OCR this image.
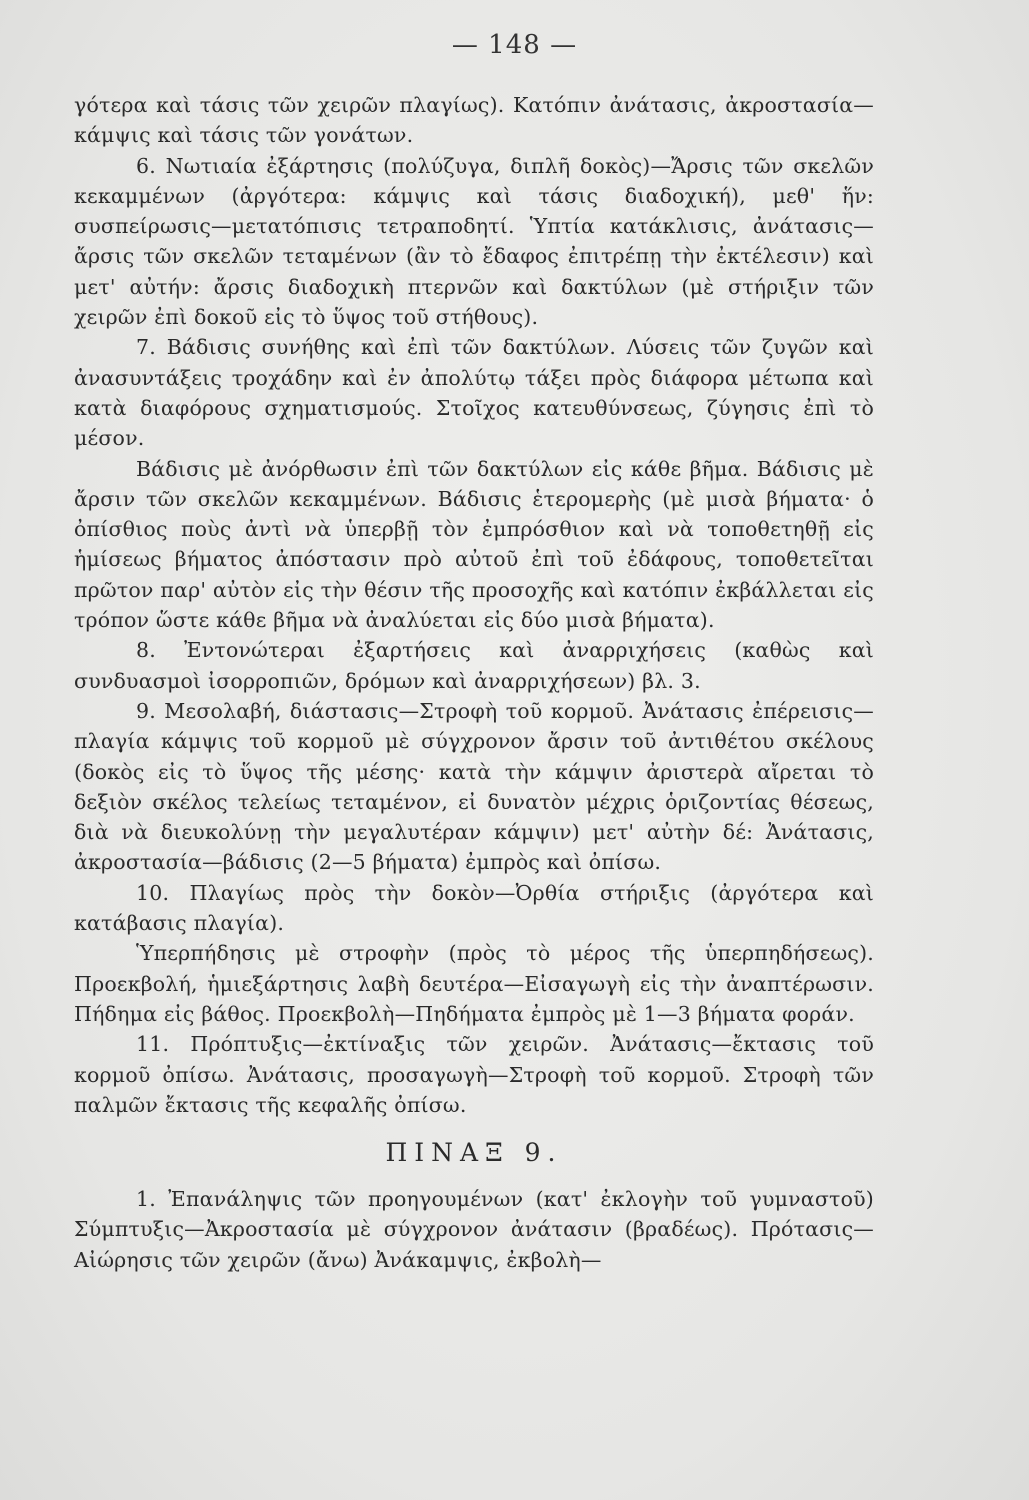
— 148 —

γότερα καὶ τάσις τῶν χειρῶν πλαγίως). Κατόπιν ἀνάτασις, ἀκροστασία—κάμψις καὶ τάσις τῶν γονάτων.

6. Νωτιαία ἐξάρτησις (πολύζυγα, διπλῆ δοκὸς)—Ἄρσις τῶν σκελῶν κεκαμμένων (ἀργότερα: κάμψις καὶ τάσις διαδοχική), μεθ' ἥν: συσπείρωσις—μετατόπισις τετραποδητί. Ὑπτία κατάκλισις, ἀνάτασις—ἄρσις τῶν σκελῶν τεταμένων (ἂν τὸ ἔδαφος ἐπιτρέπῃ τὴν ἐκτέλεσιν) καὶ μετ' αὐτήν: ἄρσις διαδοχικὴ πτερνῶν καὶ δακτύλων (μὲ στήριξιν τῶν χειρῶν ἐπὶ δοκοῦ εἰς τὸ ὕψος τοῦ στήθους).

7. Βάδισις συνήθης καὶ ἐπὶ τῶν δακτύλων. Λύσεις τῶν ζυγῶν καὶ ἀνασυντάξεις τροχάδην καὶ ἐν ἀπολύτῳ τάξει πρὸς διάφορα μέτωπα καὶ κατὰ διαφόρους σχηματισμούς. Στοῖχος κατευθύνσεως, ζύγησις ἐπὶ τὸ μέσον.

Βάδισις μὲ ἀνόρθωσιν ἐπὶ τῶν δακτύλων εἰς κάθε βῆμα. Βάδισις μὲ ἄρσιν τῶν σκελῶν κεκαμμένων. Βάδισις ἑτερομερὴς (μὲ μισὰ βήματα· ὁ ὀπίσθιος ποὺς ἀντὶ νὰ ὑπερβῇ τὸν ἐμπρόσθιον καὶ νὰ τοποθετηθῇ εἰς ἡμίσεως βήματος ἀπόστασιν πρὸ αὐτοῦ ἐπὶ τοῦ ἐδάφους, τοποθετεῖται πρῶτον παρ' αὐτὸν εἰς τὴν θέσιν τῆς προσοχῆς καὶ κατόπιν ἐκβάλλεται εἰς τρόπον ὥστε κάθε βῆμα νὰ ἀναλύεται εἰς δύο μισὰ βήματα).

8. Ἐντονώτεραι ἐξαρτήσεις καὶ ἀναρριχήσεις (καθὼς καὶ συνδυασμοὶ ἰσορροπιῶν, δρόμων καὶ ἀναρριχήσεων) βλ. 3.

9. Μεσολαβή, διάστασις—Στροφὴ τοῦ κορμοῦ. Ἀνάτασις ἐπέρεισις—πλαγία κάμψις τοῦ κορμοῦ μὲ σύγχρονον ἄρσιν τοῦ ἀντιθέτου σκέλους (δοκὸς εἰς τὸ ὕψος τῆς μέσης· κατὰ τὴν κάμψιν ἀριστερὰ αἴρεται τὸ δεξιὸν σκέλος τελείως τεταμένον, εἰ δυνατὸν μέχρις ὁριζοντίας θέσεως, διὰ νὰ διευκολύνῃ τὴν μεγαλυτέραν κάμψιν) μετ' αὐτὴν δέ: Ἀνάτασις, ἀκροστασία—βάδισις (2—5 βήματα) ἐμπρὸς καὶ ὀπίσω.

10. Πλαγίως πρὸς τὴν δοκὸν—Ὀρθία στήριξις (ἀργότερα καὶ κατάβασις πλαγία).

Ὑπερπήδησις μὲ στροφὴν (πρὸς τὸ μέρος τῆς ὑπερπηδήσεως). Προεκβολή, ἡμιεξάρτησις λαβὴ δευτέρα—Εἰσαγωγὴ εἰς τὴν ἀναπτέρωσιν. Πήδημα εἰς βάθος. Προεκβολὴ—Πηδήματα ἐμπρὸς μὲ 1—3 βήματα φοράν.

11. Πρόπτυξις—ἐκτίναξις τῶν χειρῶν. Ἀνάτασις—ἔκτασις τοῦ κορμοῦ ὀπίσω. Ἀνάτασις, προσαγωγὴ—Στροφὴ τοῦ κορμοῦ. Στροφὴ τῶν παλμῶν ἔκτασις τῆς κεφαλῆς ὀπίσω.

ΠΙΝΑΞ 9.

1. Ἐπανάληψις τῶν προηγουμένων (κατ' ἐκλογὴν τοῦ γυμναστοῦ) Σύμπτυξις—Ἀκροστασία μὲ σύγχρονον ἀνάτασιν (βραδέως). Πρότασις—Αἰώρησις τῶν χειρῶν (ἄνω) Ἀνάκαμψις, ἐκβολὴ—
